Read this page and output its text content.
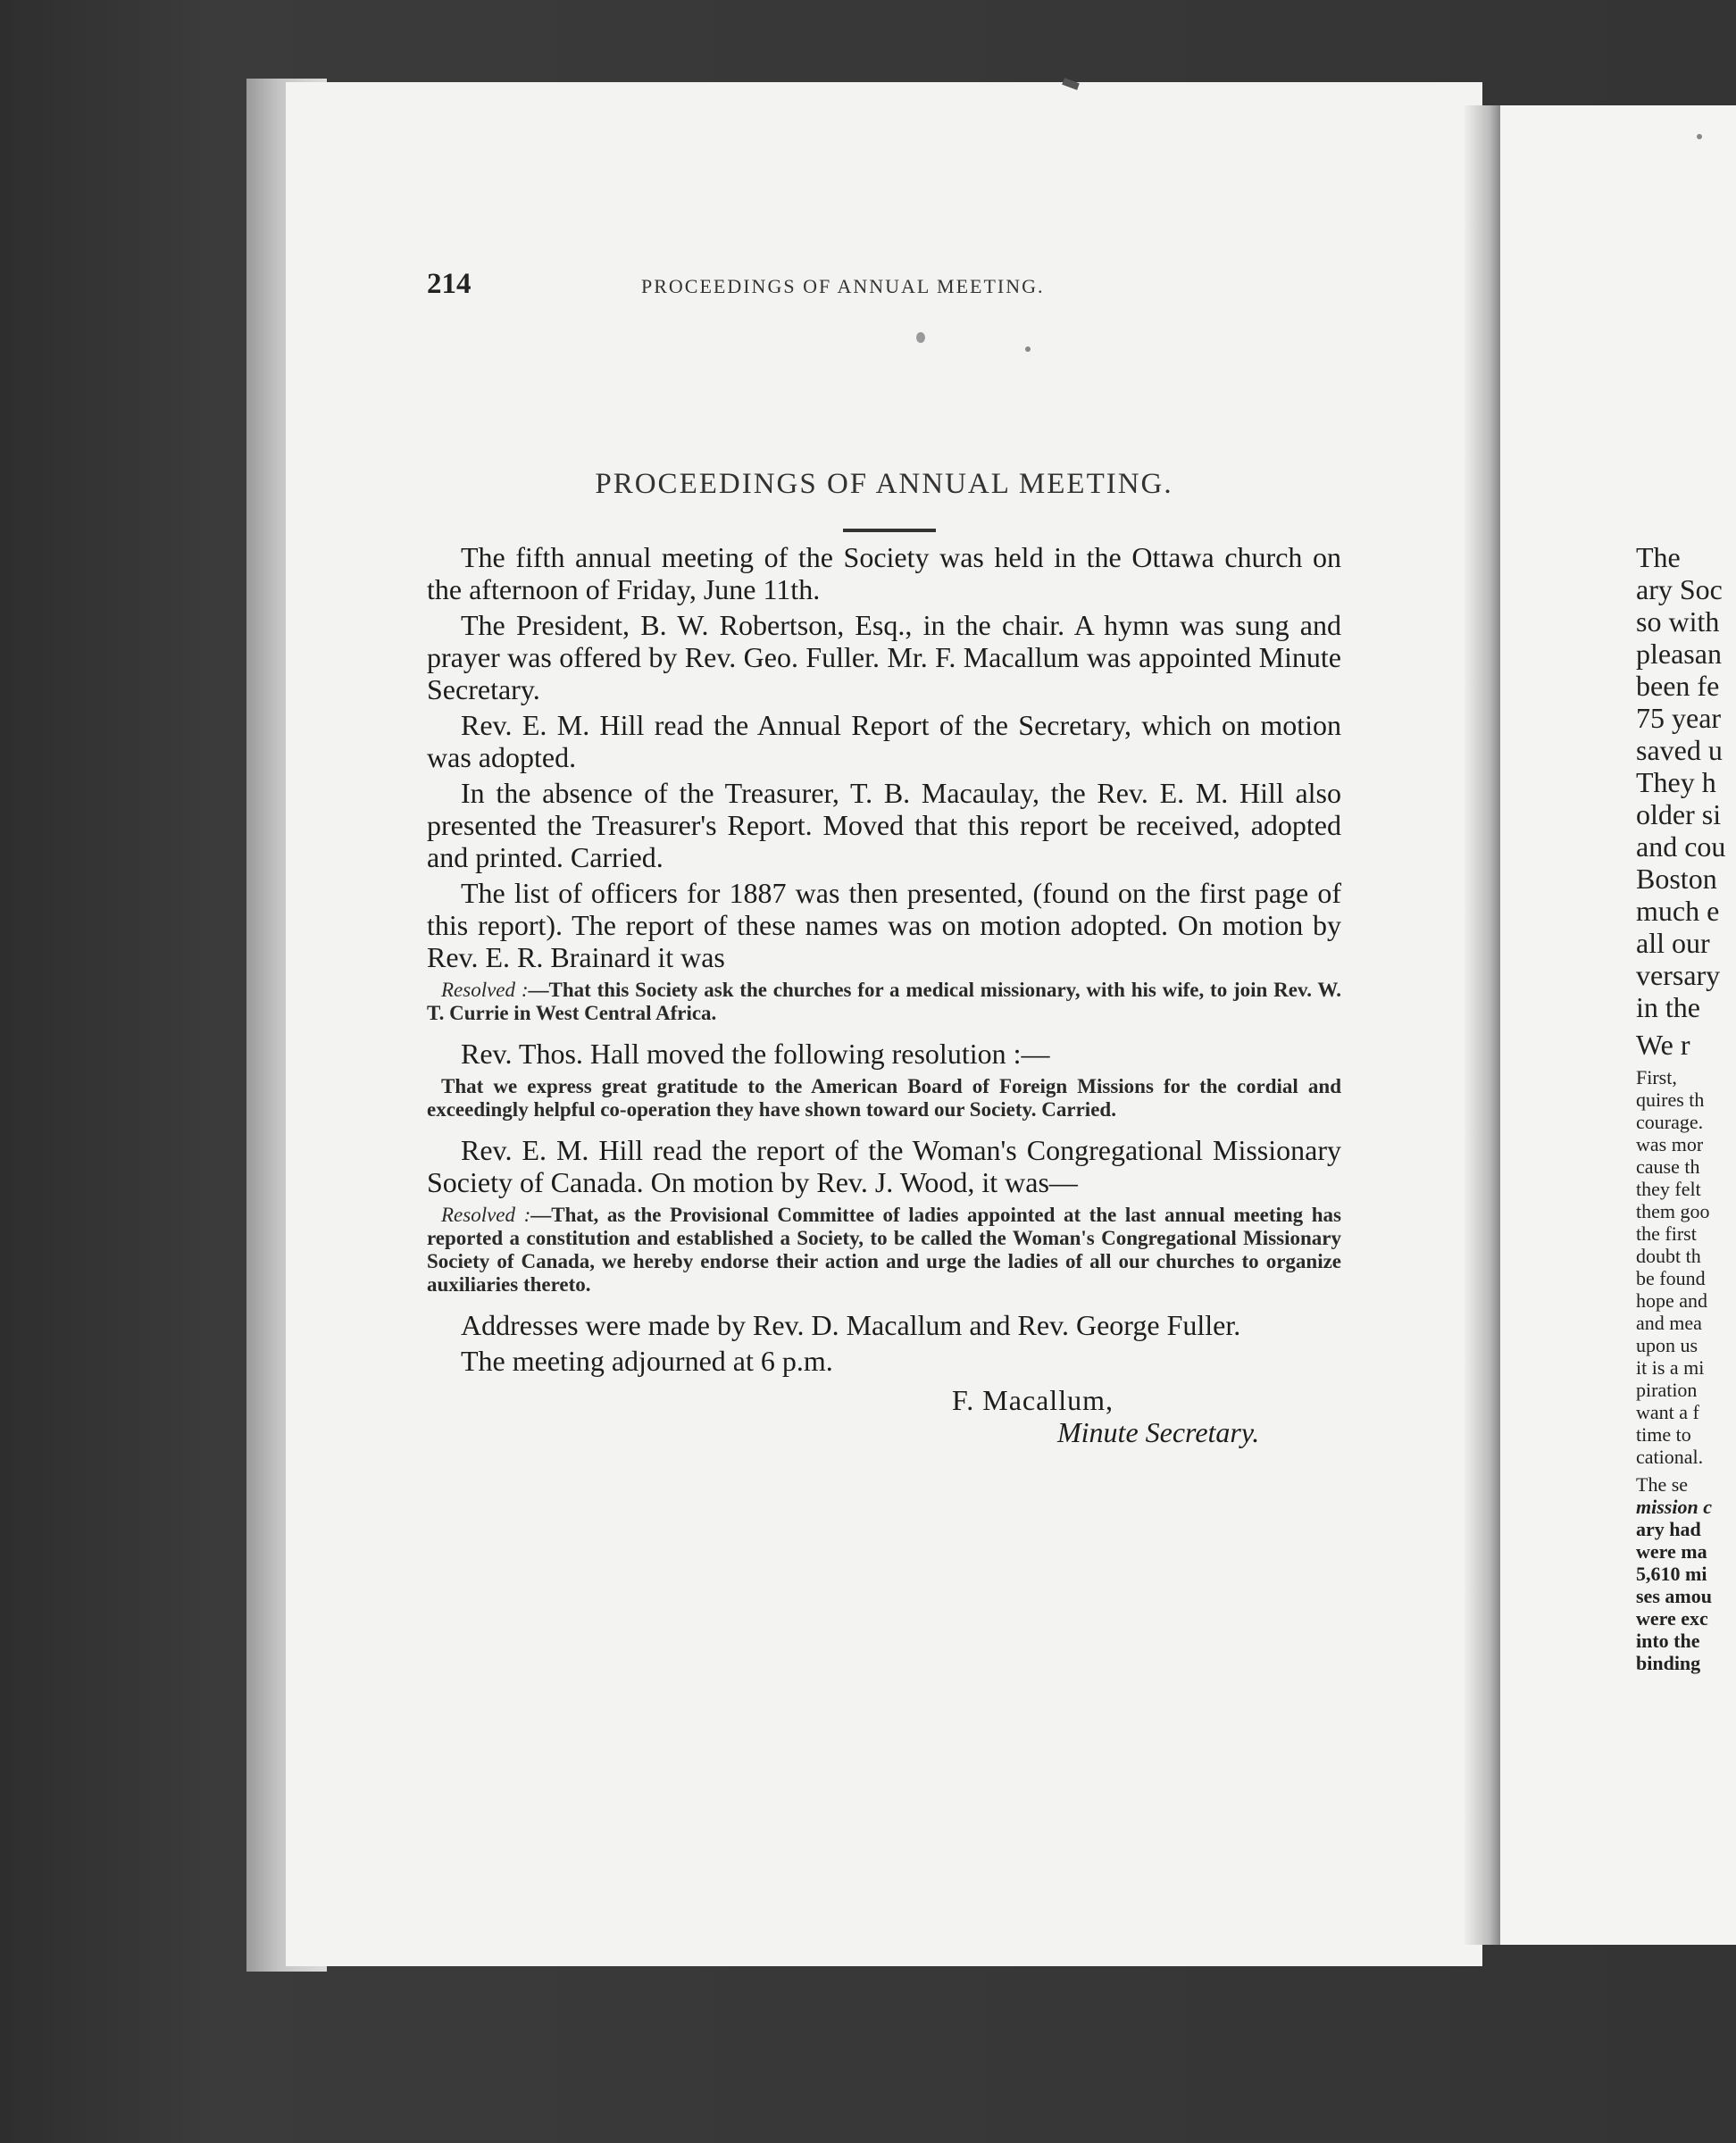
214	PROCEEDINGS OF ANNUAL MEETING.
PROCEEDINGS OF ANNUAL MEETING.

The fifth annual meeting of the Society was held in the Ottawa church on the afternoon of Friday, June 11th.

The President, B. W. Robertson, Esq., in the chair. A hymn was sung and prayer was offered by Rev. Geo. Fuller. Mr. F. Macallum was appointed Minute Secretary.

Rev. E. M. Hill read the Annual Report of the Secretary, which on motion was adopted.

In the absence of the Treasurer, T. B. Macaulay, the Rev. E. M. Hill also presented the Treasurer's Report. Moved that this report be received, adopted and printed. Carried.

The list of officers for 1887 was then presented, (found on the first page of this report). The report of these names was on motion adopted. On motion by Rev. E. R. Brainard it was

Resolved :—That this Society ask the churches for a medical missionary, with his wife, to join Rev. W. T. Currie in West Central Africa.

Rev. Thos. Hall moved the following resolution :—

That we express great gratitude to the American Board of Foreign Missions for the cordial and exceedingly helpful co-operation they have shown toward our Society. Carried.

Rev. E. M. Hill read the report of the Woman's Congregational Missionary Society of Canada. On motion by Rev. J. Wood, it was—

Resolved :—That, as the Provisional Committee of ladies appointed at the last annual meeting has reported a constitution and established a Society, to be called the Woman's Congregational Missionary Society of Canada, we hereby endorse their action and urge the ladies of all our churches to organize auxiliaries thereto.

Addresses were made by Rev. D. Macallum and Rev. George Fuller.

The meeting adjourned at 6 p.m.

F. Macallum,
Minute Secretary.
The
ary Soc
so with
pleasan
been fe
75 year
saved u
They h
older si
and cou
Boston
much e
all our
versary
in the
We r
First,
quires th
courage.
was mor
cause th
they felt
them goo
the first
doubt th
be found
hope and
and mea
upon us
it is a mi
piration
want a f
time to
cational.
The se
mission c
ary had
were ma
5,610 mi
ses amou
were exc
into the
binding
